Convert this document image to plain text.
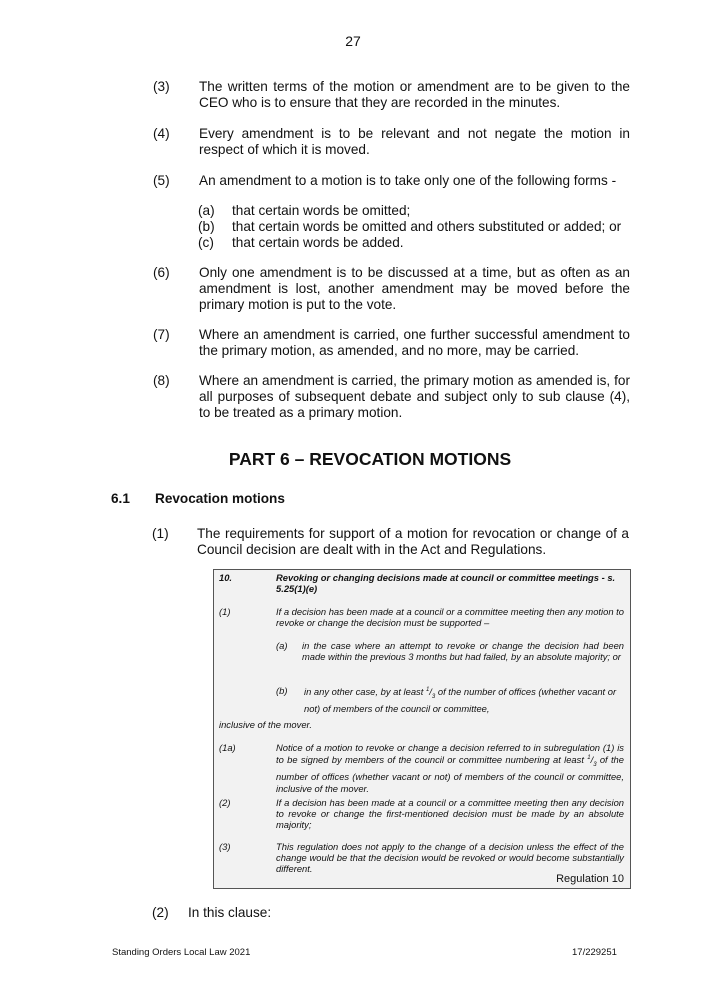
27
(3) The written terms of the motion or amendment are to be given to the CEO who is to ensure that they are recorded in the minutes.
(4) Every amendment is to be relevant and not negate the motion in respect of which it is moved.
(5) An amendment to a motion is to take only one of the following forms -
(a) that certain words be omitted;
(b) that certain words be omitted and others substituted or added; or
(c) that certain words be added.
(6) Only one amendment is to be discussed at a time, but as often as an amendment is lost, another amendment may be moved before the primary motion is put to the vote.
(7) Where an amendment is carried, one further successful amendment to the primary motion, as amended, and no more, may be carried.
(8) Where an amendment is carried, the primary motion as amended is, for all purposes of subsequent debate and subject only to sub clause (4), to be treated as a primary motion.
PART 6 – REVOCATION MOTIONS
6.1 Revocation motions
(1) The requirements for support of a motion for revocation or change of a Council decision are dealt with in the Act and Regulations.
10.	Revoking or changing decisions made at council or committee meetings - s. 5.25(1)(e)
(1)	If a decision has been made at a council or a committee meeting then any motion to revoke or change the decision must be supported –
(a) in the case where an attempt to revoke or change the decision had been made within the previous 3 months but had failed, by an absolute majority; or
(b) in any other case, by at least $^1/_3$ of the number of offices (whether vacant or not) of members of the council or committee,
inclusive of the mover.
(1a)	Notice of a motion to revoke or change a decision referred to in subregulation (1) is to be signed by members of the council or committee numbering at least $^1/_3$ of the number of offices (whether vacant or not) of members of the council or committee, inclusive of the mover.
(2)	If a decision has been made at a council or a committee meeting then any decision to revoke or change the first-mentioned decision must be made by an absolute majority;
(3)	This regulation does not apply to the change of a decision unless the effect of the change would be that the decision would be revoked or would become substantially different.
Regulation 10
(2) In this clause:
Standing Orders Local Law 2021	17/229251
